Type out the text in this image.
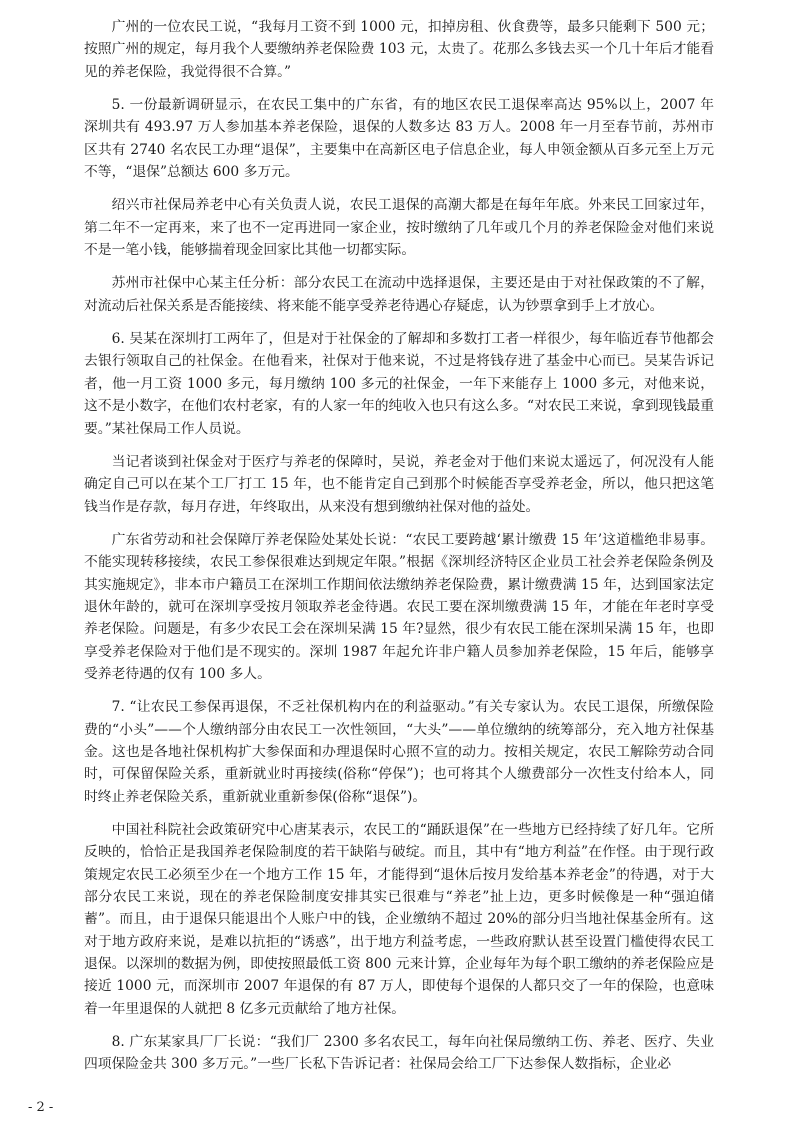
广州的一位农民工说，“我每月工资不到 1000 元，扣掉房租、伙食费等，最多只能剩下 500 元；按照广州的规定，每月我个人要缴纳养老保险费 103 元，太贵了。花那么多钱去买一个几十年后才能看见的养老保险，我觉得很不合算。”

5. 一份最新调研显示，在农民工集中的广东省，有的地区农民工退保率高达 95%以上，2007 年深圳共有 493.97 万人参加基本养老保险，退保的人数多达 83 万人。2008 年一月至春节前，苏州市区共有 2740 名农民工办理“退保”，主要集中在高新区电子信息企业，每人申领金额从百多元至上万元不等，“退保”总额达 600 多万元。

绍兴市社保局养老中心有关负责人说，农民工退保的高潮大都是在每年年底。外来民工回家过年，第二年不一定再来，来了也不一定再进同一家企业，按时缴纳了几年或几个月的养老保险金对他们来说不是一笔小钱，能够揣着现金回家比其他一切都实际。

苏州市社保中心某主任分析：部分农民工在流动中选择退保，主要还是由于对社保政策的不了解，对流动后社保关系是否能接续、将来能不能享受养老待遇心存疑虑，认为钞票拿到手上才放心。

6. 吴某在深圳打工两年了，但是对于社保金的了解却和多数打工者一样很少，每年临近春节他都会去银行领取自己的社保金。在他看来，社保对于他来说，不过是将钱存进了基金中心而已。吴某告诉记者，他一月工资 1000 多元，每月缴纳 100 多元的社保金，一年下来能存上 1000 多元，对他来说，这不是小数字，在他们农村老家，有的人家一年的纯收入也只有这么多。“对农民工来说，拿到现钱最重要。”某社保局工作人员说。

当记者谈到社保金对于医疗与养老的保障时，吴说，养老金对于他们来说太遥远了，何况没有人能确定自己可以在某个工厂打工 15 年，也不能肯定自己到那个时候能否享受养老金，所以，他只把这笔钱当作是存款，每月存进，年终取出，从来没有想到缴纳社保对他的益处。

广东省劳动和社会保障厅养老保险处某处长说：“农民工要跨越‘累计缴费 15 年’这道槛绝非易事。不能实现转移接续，农民工参保很难达到规定年限。”根据《深圳经济特区企业员工社会养老保险条例及其实施规定》，非本市户籍员工在深圳工作期间依法缴纳养老保险费，累计缴费满 15 年，达到国家法定退休年龄的，就可在深圳享受按月领取养老金待遇。农民工要在深圳缴费满 15 年，才能在年老时享受养老保险。问题是，有多少农民工会在深圳呆满 15 年?显然，很少有农民工能在深圳呆满 15 年，也即享受养老保险对于他们是不现实的。深圳 1987 年起允许非户籍人员参加养老保险，15 年后，能够享受养老待遇的仅有 100 多人。

7. “让农民工参保再退保，不乏社保机构内在的利益驱动。”有关专家认为。农民工退保，所缴保险费的“小头”——个人缴纳部分由农民工一次性领回，“大头”——单位缴纳的统筹部分，充入地方社保基金。这也是各地社保机构扩大参保面和办理退保时心照不宣的动力。按相关规定，农民工解除劳动合同时，可保留保险关系，重新就业时再接续(俗称“停保”)；也可将其个人缴费部分一次性支付给本人，同时终止养老保险关系，重新就业重新参保(俗称“退保”)。

中国社科院社会政策研究中心唐某表示，农民工的“踊跃退保”在一些地方已经持续了好几年。它所反映的，恰恰正是我国养老保险制度的若干缺陷与破绽。而且，其中有“地方利益”在作怪。由于现行政策规定农民工必须至少在一个地方工作 15 年，才能得到“退休后按月发给基本养老金”的待遇，对于大部分农民工来说，现在的养老保险制度安排其实已很难与“养老”扯上边，更多时候像是一种“强迫储蓄”。而且，由于退保只能退出个人账户中的钱，企业缴纳不超过 20%的部分归当地社保基金所有。这对于地方政府来说，是难以抗拒的“诱惑”，出于地方利益考虑，一些政府默认甚至设置门槛使得农民工退保。以深圳的数据为例，即使按照最低工资 800 元来计算，企业每年为每个职工缴纳的养老保险应是接近 1000 元，而深圳市 2007 年退保的有 87 万人，即使每个退保的人都只交了一年的保险，也意味着一年里退保的人就把 8 亿多元贡献给了地方社保。

8. 广东某家具厂厂长说：“我们厂 2300 多名农民工，每年向社保局缴纳工伤、养老、医疗、失业四项保险金共 300 多万元。”一些厂长私下告诉记者：社保局会给工厂下达参保人数指标，企业必

- 2 -
